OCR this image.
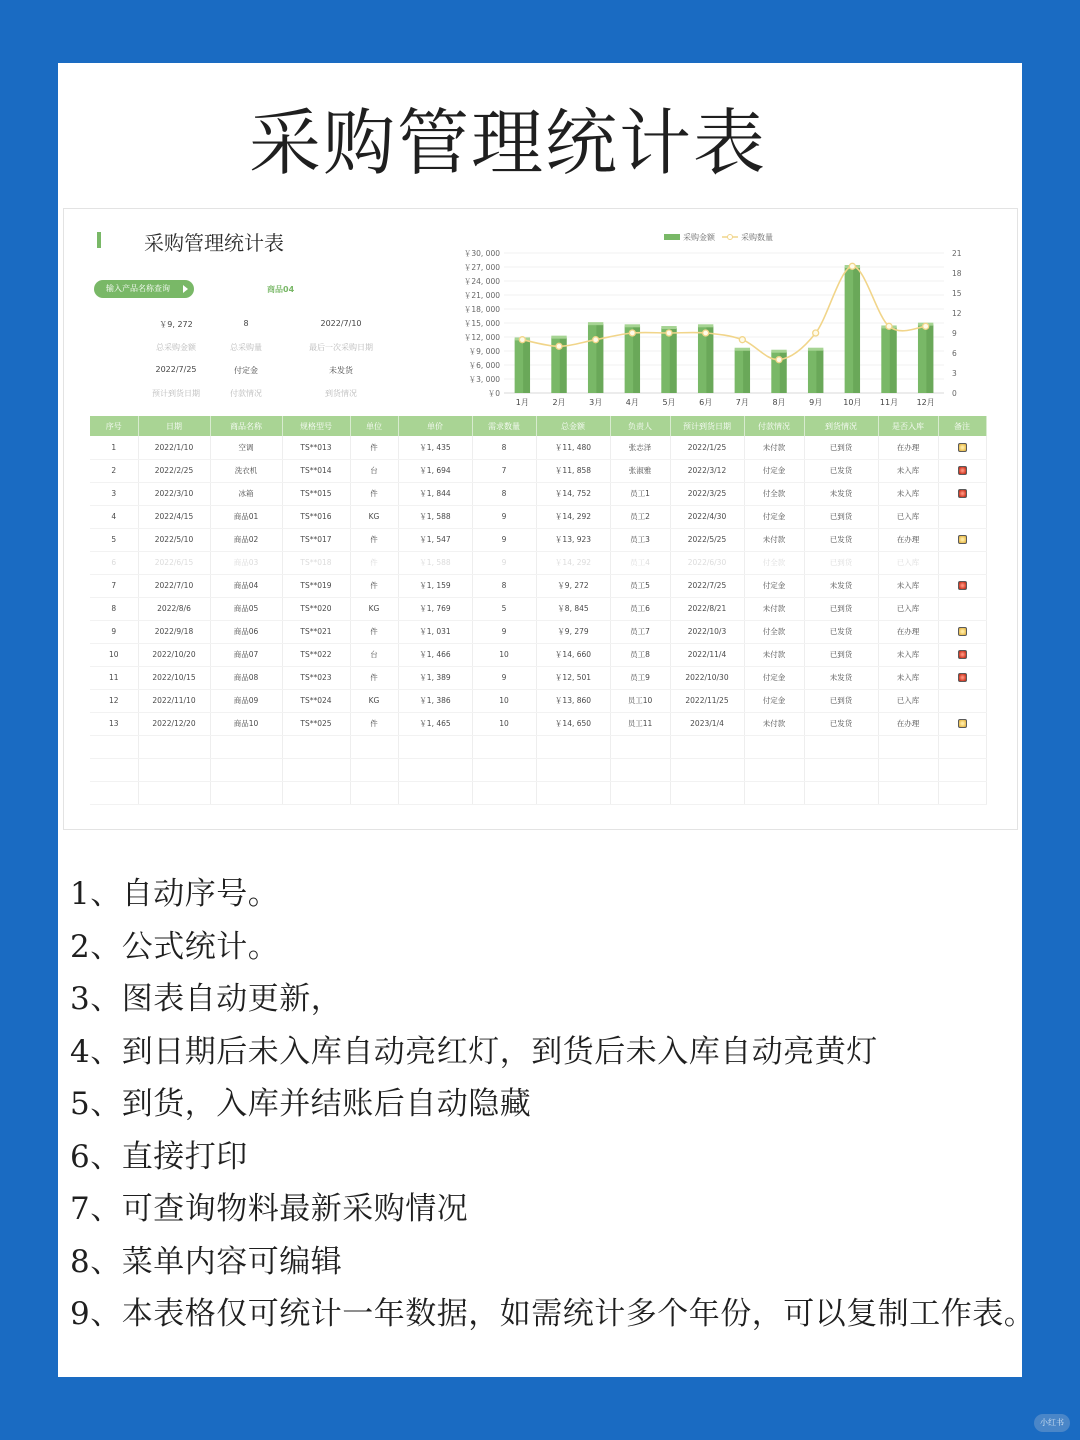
采购管理统计表
采购管理统计表
输入产品名称查询	商品04
￥9, 272
总采购金额
8
总采购量
2022/7/10
最后一次采购日期
2022/7/25
预计到货日期
付定金
付款情况
未发货
到货情况
采购金额	采购数量
￥0
￥3, 000
￥6, 000
￥9, 000
￥12, 000
￥15, 000
￥18, 000
￥21, 000
￥24, 000
￥27, 000
￥30, 000
0
3
6
9
12
15
18
21
1月	2月	3月	4月	5月	6月	7月	8月	9月	10月 11月 12月
序号	日期	商品名称	规格型号	单位	单价	需求数量	总金额	负责人	预计到货日期	付款情况	到货情况	是否入库	备注
1	2022/1/10	空调	TS**013	件	￥1, 435	8	￥11, 480	张志泽	2022/1/25	未付款	已到货	在办理	
2	2022/2/25	洗衣机	TS**014	台	￥1, 694	7	￥11, 858	张淑雅	2022/3/12	付定金	已发货	未入库	
3	2022/3/10	冰箱	TS**015	件	￥1, 844	8	￥14, 752	员工1	2022/3/25	付全款	未发货	未入库	
4	2022/4/15	商品01	TS**016	KG	￥1, 588	9	￥14, 292	员工2	2022/4/30	付定金	已到货	已入库	
5	2022/5/10	商品02	TS**017	件	￥1, 547	9	￥13, 923	员工3	2022/5/25	未付款	已发货	在办理	
6	2022/6/15	商品03	TS**018	件	￥1, 588	9	￥14, 292	员工4	2022/6/30	付全款	已到货	已入库	
7	2022/7/10	商品04	TS**019	件	￥1, 159	8	￥9, 272	员工5	2022/7/25	付定金	未发货	未入库	
8	2022/8/6	商品05	TS**020	KG	￥1, 769	5	￥8, 845	员工6	2022/8/21	未付款	已到货	已入库	
9	2022/9/18	商品06	TS**021	件	￥1, 031	9	￥9, 279	员工7	2022/10/3	付全款	已发货	在办理	
10	2022/10/20	商品07	TS**022	台	￥1, 466	10	￥14, 660	员工8	2022/11/4	未付款	已到货	未入库	
11	2022/10/15	商品08	TS**023	件	￥1, 389	9	￥12, 501	员工9	2022/10/30	付定金	未发货	未入库	
12	2022/11/10	商品09	TS**024	KG	￥1, 386	10	￥13, 860	员工10	2022/11/25	付定金	已到货	已入库	
13	2022/12/20	商品10	TS**025	件	￥1, 465	10	￥14, 650	员工11	2023/1/4	未付款	已发货	在办理	

1、自动序号。
2、公式统计。
3、图表自动更新，
4、到日期后未入库自动亮红灯，到货后未入库自动亮黄灯
5、到货，入库并结账后自动隐藏
6、直接打印
7、可查询物料最新采购情况
8、菜单内容可编辑
9、本表格仅可统计一年数据，如需统计多个年份，可以复制工作表。
小红书
